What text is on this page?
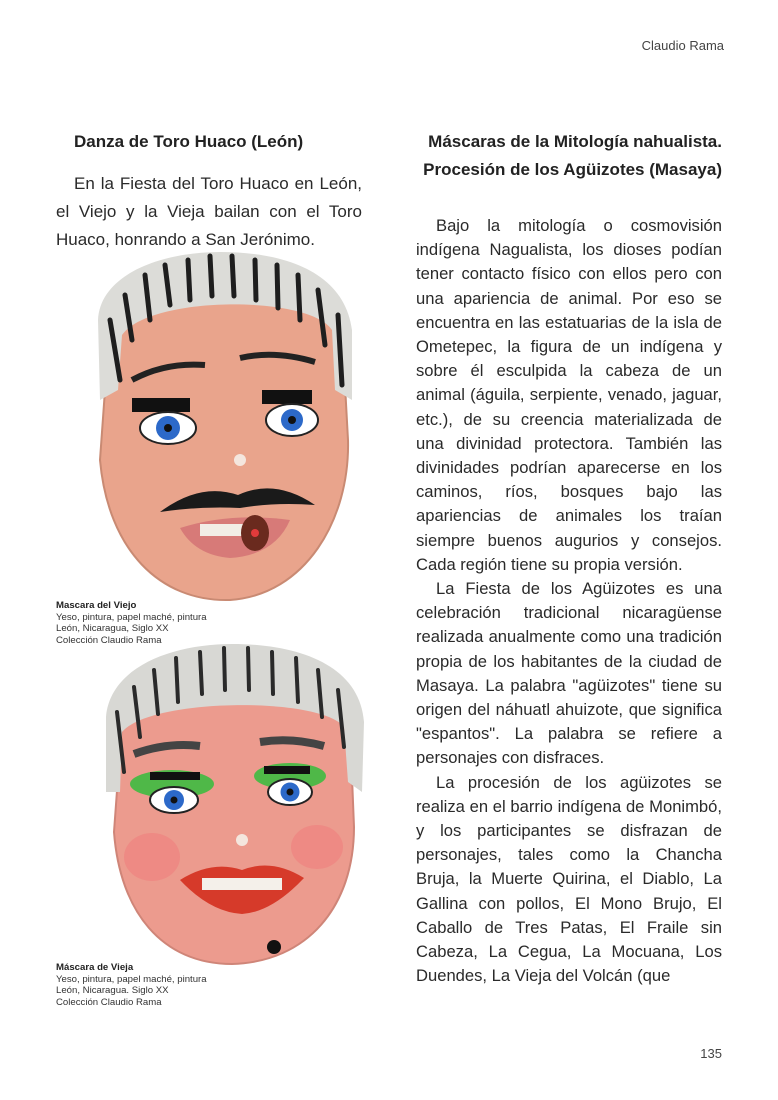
Claudio Rama
Danza de Toro Huaco (León)

En la Fiesta del Toro Huaco en León, el Viejo y la Vieja bailan con el Toro Huaco, honrando a San Jerónimo.

Mascara del Viejo
Yeso, pintura, papel maché, pintura
León, Nicaragua, Siglo XX
Colección Claudio Rama
Máscara de Vieja
Yeso, pintura, papel maché, pintura
León, Nicaragua. Siglo XX
Colección Claudio Rama
Máscaras de la Mitología nahualista.
Procesión de los Agüizotes (Masaya)

Bajo la mitología o cosmovisión indígena Nagualista, los dioses podían tener contacto físico con ellos pero con una apariencia de animal. Por eso se encuentra en las estatuarias de la isla de Ometepec, la figura de un indígena y sobre él esculpida la cabeza de un animal (águila, serpiente, venado, jaguar, etc.), de su creencia materializada de una divinidad protectora. También las divinidades podrían aparecerse en los caminos, ríos, bosques bajo las apariencias de animales los traían siempre buenos augurios y consejos. Cada región tiene su propia versión.

La Fiesta de los Agüizotes es una celebración tradicional nicaragüense realizada anualmente como una tradición propia de los habitantes de la ciudad de Masaya. La palabra "agüizotes" tiene su origen del náhuatl ahuizote, que significa "espantos". La palabra se refiere a personajes con disfraces.

La procesión de los agüizotes se realiza en el barrio indígena de Monimbó, y los participantes se disfrazan de personajes, tales como la Chancha Bruja, la Muerte Quirina, el Diablo, La Gallina con pollos, El Mono Brujo, El Caballo de Tres Patas, El Fraile sin Cabeza, La Cegua, La Mocuana, Los Duendes, La Vieja del Volcán (que

135
